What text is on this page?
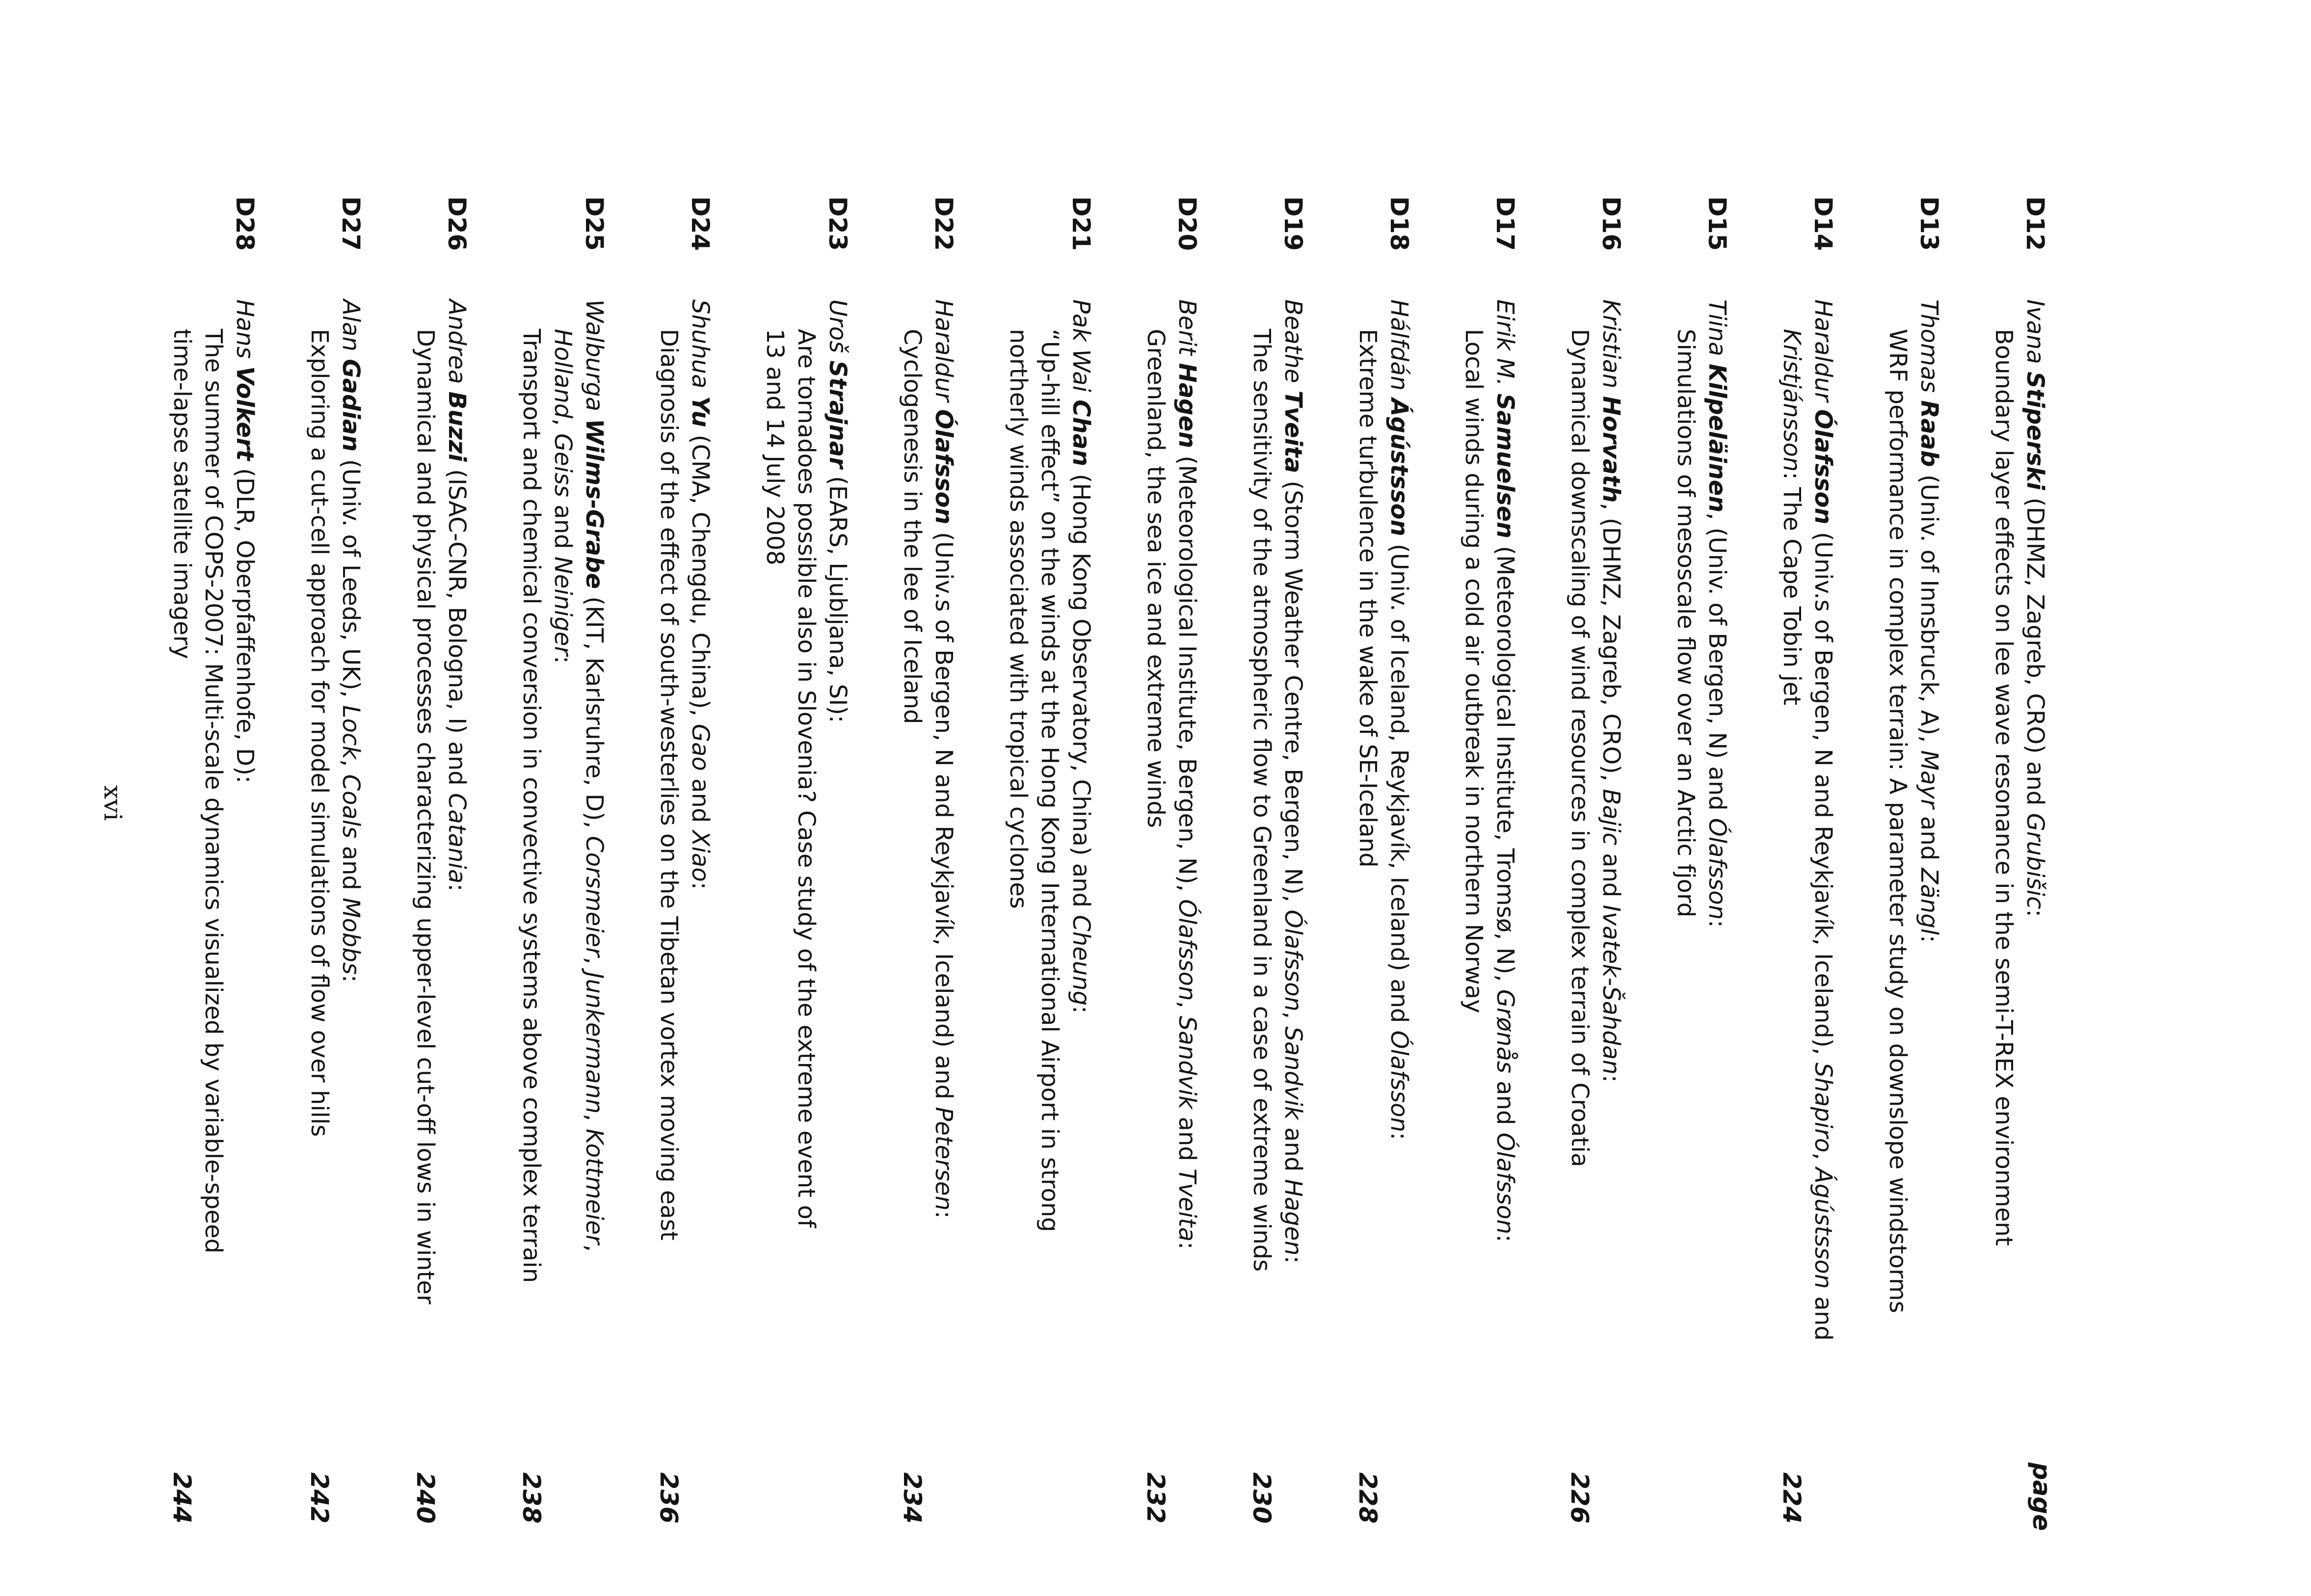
page
D12
Ivana Stiperski (DHMZ, Zagreb, CRO) and Grubišic:
Boundary layer effects on lee wave resonance in the semi-T-REX environment
D13
Thomas Raab (Univ. of Innsbruck, A), Mayr and Zängl:
WRF performance in complex terrain: A parameter study on downslope windstorms
D14
Haraldur Ólafsson (Univ.s of Bergen, N and Reykjavík, Iceland), Shapiro, Ágústsson and
Kristjánsson: The Cape Tobin jet
224
D15
Tiina Kilpeläinen, (Univ. of Bergen, N) and Ólafsson:
Simulations of mesoscale flow over an Arctic fjord
D16
Kristian Horvath, (DHMZ, Zagreb, CRO), Bajic and Ivatek-Šahdan:
Dynamical downscaling of wind resources in complex terrain of Croatia
226
D17
Eirik M. Samuelsen (Meteorological Institute, Tromsø, N), Grønås and Ólafsson:
Local winds during a cold air outbreak in northern Norway
D18
Hálfdán Ágústsson (Univ. of Iceland, Reykjavík, Iceland) and Ólafsson:
Extreme turbulence in the wake of SE-Iceland
228
D19
Beathe Tveita (Storm Weather Centre, Bergen, N), Ólafsson, Sandvik and Hagen:
The sensitivity of the atmospheric flow to Greenland in a case of extreme winds
230
D20
Berit Hagen (Meteorological Institute, Bergen, N), Ólafsson, Sandvik and Tveita:
Greenland, the sea ice and extreme winds
232
D21
Pak Wai Chan (Hong Kong Observatory, China) and Cheung:
“Up-hill effect” on the winds at the Hong Kong International Airport in strong
northerly winds associated with tropical cyclones
D22
Haraldur Ólafsson (Univ.s of Bergen, N and Reykjavík, Iceland) and Petersen:
Cyclogenesis in the lee of Iceland
234
D23
Uroš Strajnar (EARS, Ljubljana, SI):
Are tornadoes possible also in Slovenia? Case study of the extreme event of
13 and 14 July 2008
D24
Shuhua Yu (CMA, Chengdu, China), Gao and Xiao:
Diagnosis of the effect of south-westerlies on the Tibetan vortex moving east
236
D25
Walburga Wilms-Grabe (KIT, Karlsruhre, D), Corsmeier, Junkermann, Kottmeier,
Holland, Geiss and Neiniger:
Transport and chemical conversion in convective systems above complex terrain
238
D26
Andrea Buzzi (ISAC-CNR, Bologna, I) and Catania:
Dynamical and physical processes characterizing upper-level cut-off lows in winter
240
D27
Alan Gadian (Univ. of Leeds, UK), Lock, Coals and Mobbs:
Exploring a cut-cell approach for model simulations of flow over hills
242
D28
Hans Volkert (DLR, Oberpfaffenhofe, D):
The summer of COPS-2007: Multi-scale dynamics visualized by variable-speed
time-lapse satellite imagery
244
xvi
